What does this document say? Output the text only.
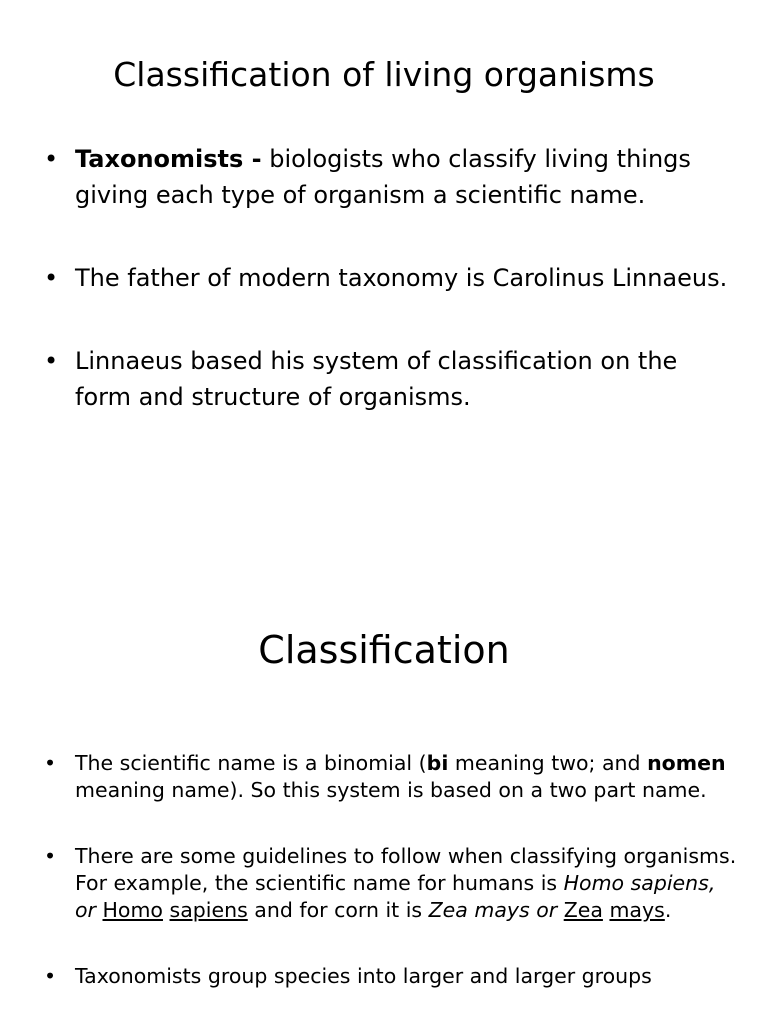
Classification of living organisms
• Taxonomists - biologists who classify living things giving each type of organism a scientific name.
• The father of modern taxonomy is Carolinus Linnaeus.
• Linnaeus based his system of classification on the form and structure of organisms.
Classification
• The scientific name is a binomial (bi meaning two; and nomen meaning name). So this system is based on a two part name.
• There are some guidelines to follow when classifying organisms. For example, the scientific name for humans is Homo sapiens, or Homo sapiens and for corn it is Zea mays or Zea mays.
• Taxonomists group species into larger and larger groups
